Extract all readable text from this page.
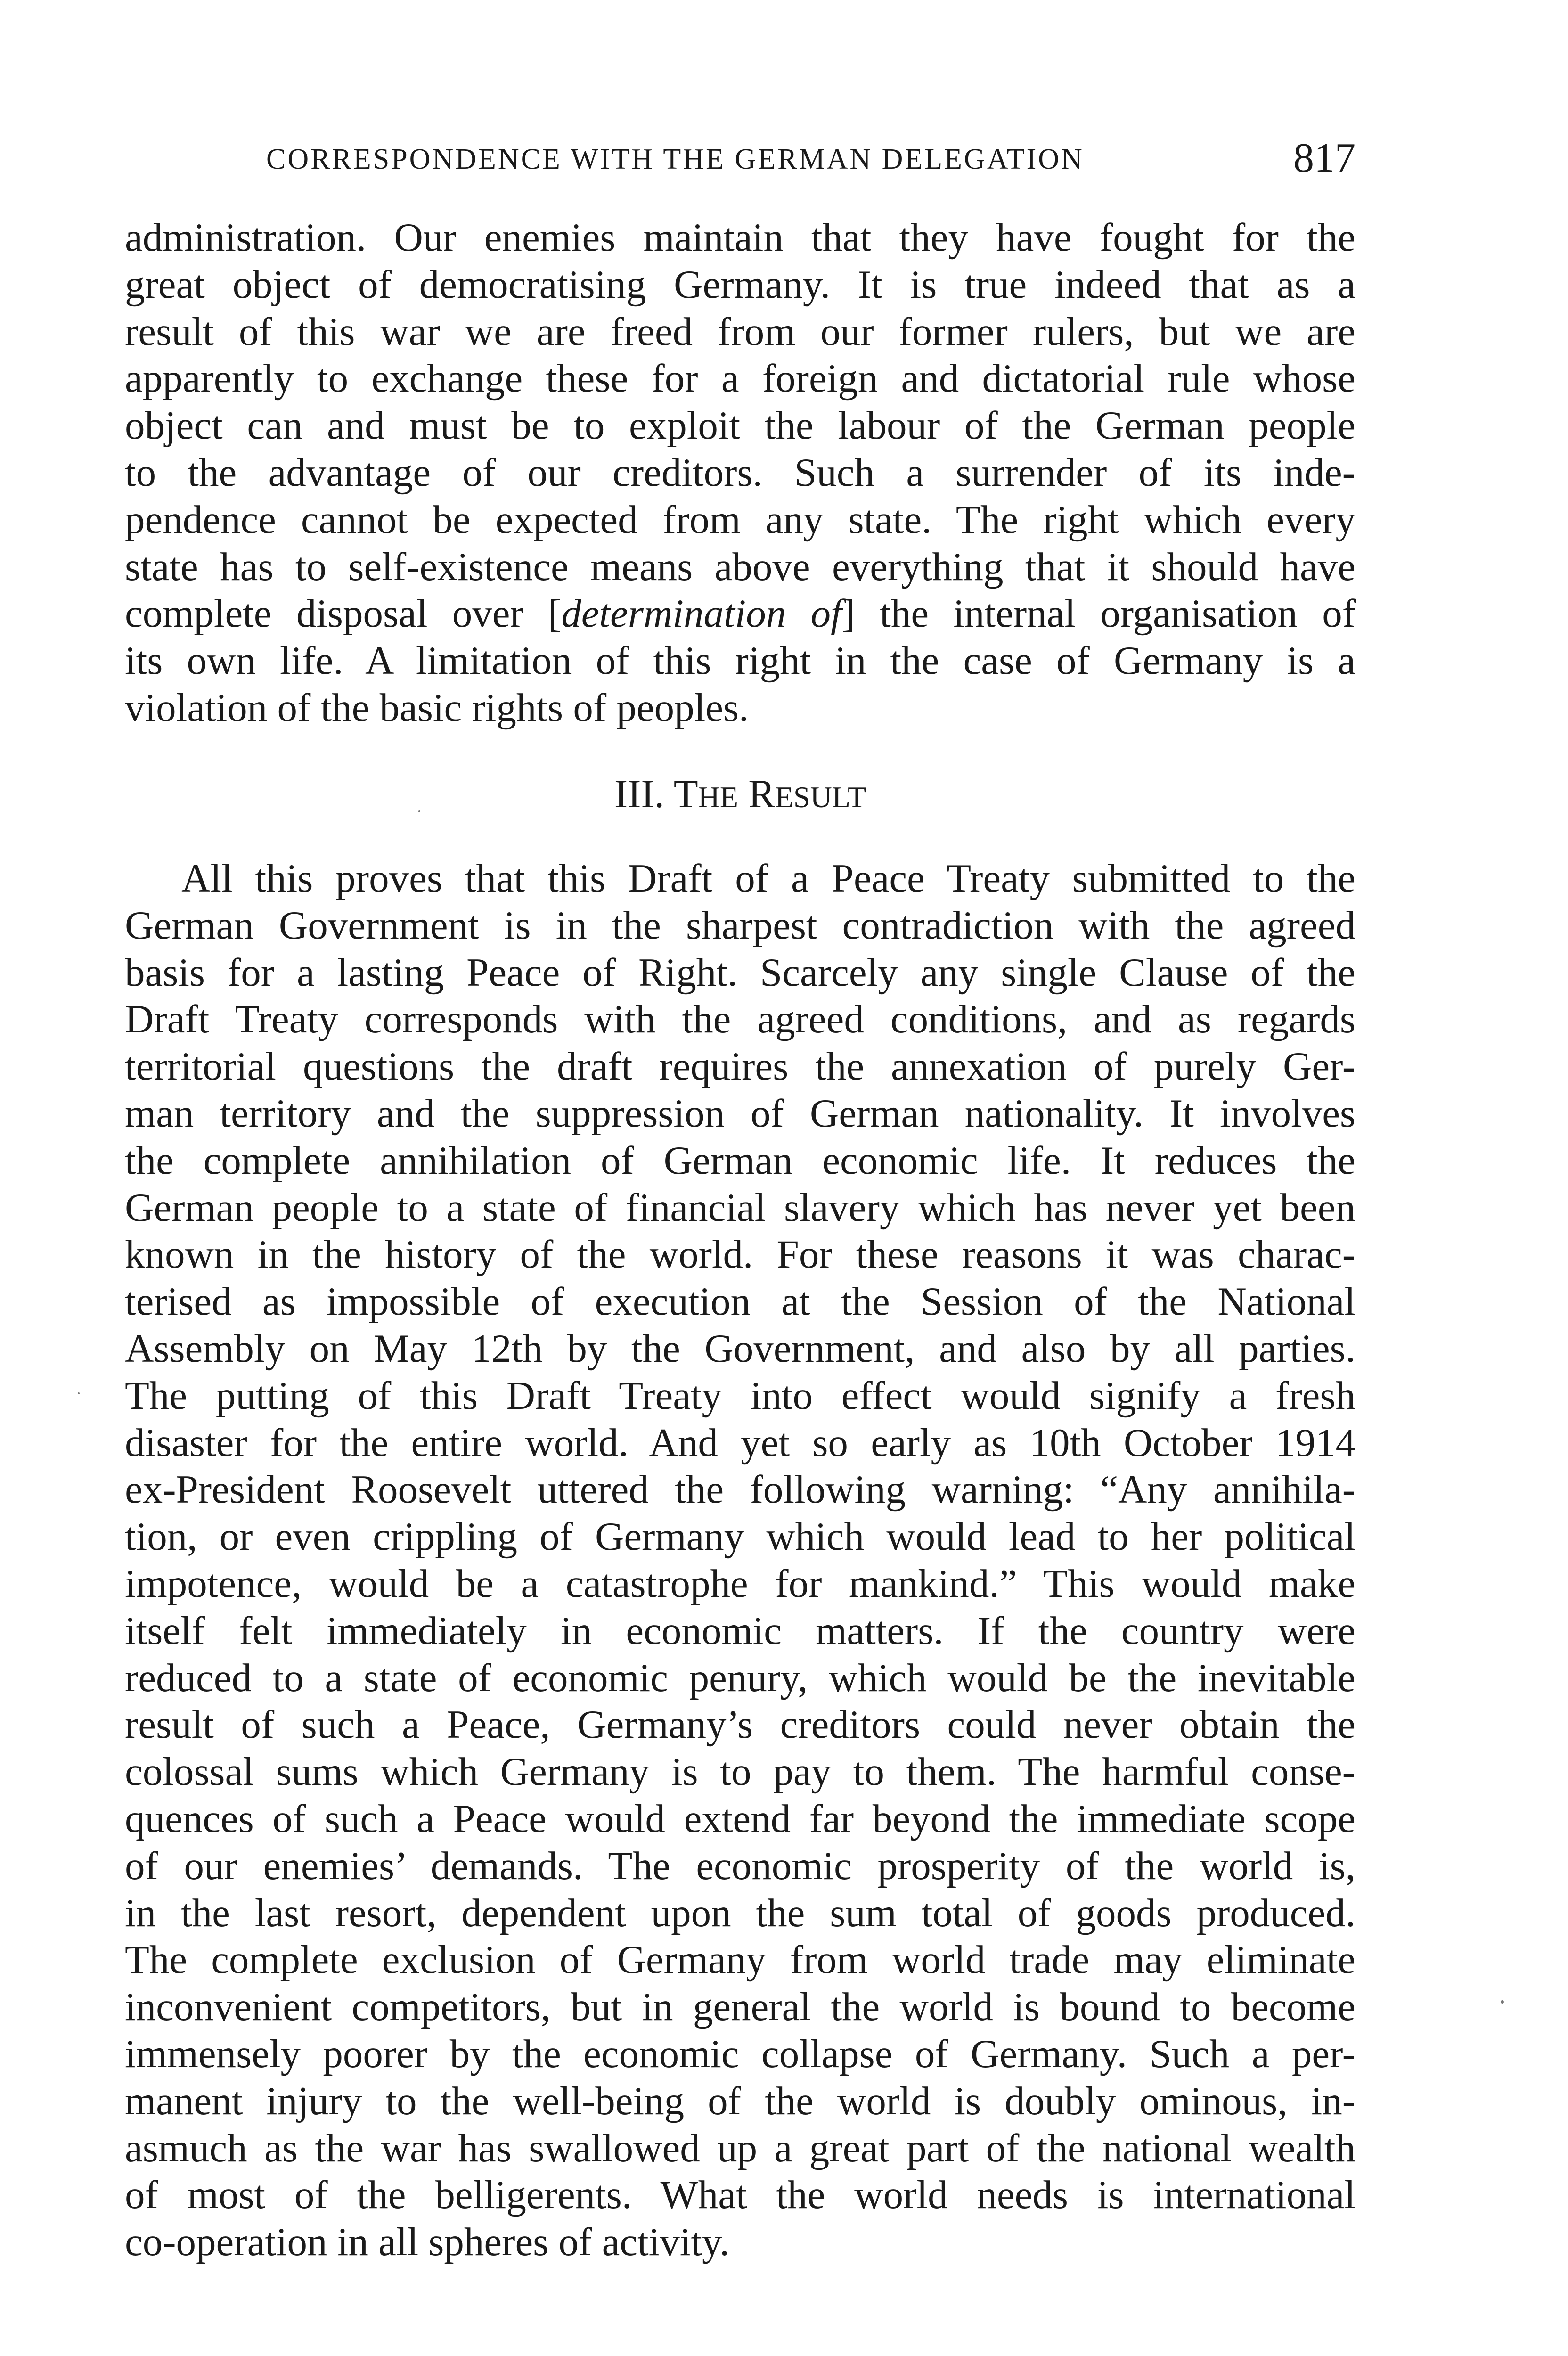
CORRESPONDENCE WITH THE GERMAN DELEGATION	817
administration. Our enemies maintain that they have fought for the
great object of democratising Germany. It is true indeed that as a
result of this war we are freed from our former rulers, but we are
apparently to exchange these for a foreign and dictatorial rule whose
object can and must be to exploit the labour of the German people
to the advantage of our creditors. Such a surrender of its inde-
pendence cannot be expected from any state. The right which every
state has to self-existence means above everything that it should have
complete disposal over [determination of] the internal organisation of
its own life. A limitation of this right in the case of Germany is a
violation of the basic rights of peoples.
III. THE RESULT
All this proves that this Draft of a Peace Treaty submitted to the
German Government is in the sharpest contradiction with the agreed
basis for a lasting Peace of Right. Scarcely any single Clause of the
Draft Treaty corresponds with the agreed conditions, and as regards
territorial questions the draft requires the annexation of purely Ger-
man territory and the suppression of German nationality. It involves
the complete annihilation of German economic life. It reduces the
German people to a state of financial slavery which has never yet been
known in the history of the world. For these reasons it was charac-
terised as impossible of execution at the Session of the National
Assembly on May 12th by the Government, and also by all parties.
The putting of this Draft Treaty into effect would signify a fresh
disaster for the entire world. And yet so early as 10th October 1914
ex-President Roosevelt uttered the following warning: “Any annihila-
tion, or even crippling of Germany which would lead to her political
impotence, would be a catastrophe for mankind.” This would make
itself felt immediately in economic matters. If the country were
reduced to a state of economic penury, which would be the inevitable
result of such a Peace, Germany’s creditors could never obtain the
colossal sums which Germany is to pay to them. The harmful conse-
quences of such a Peace would extend far beyond the immediate scope
of our enemies’ demands. The economic prosperity of the world is,
in the last resort, dependent upon the sum total of goods produced.
The complete exclusion of Germany from world trade may eliminate
inconvenient competitors, but in general the world is bound to become
immensely poorer by the economic collapse of Germany. Such a per-
manent injury to the well-being of the world is doubly ominous, in-
asmuch as the war has swallowed up a great part of the national wealth
of most of the belligerents. What the world needs is international
co-operation in all spheres of activity.
